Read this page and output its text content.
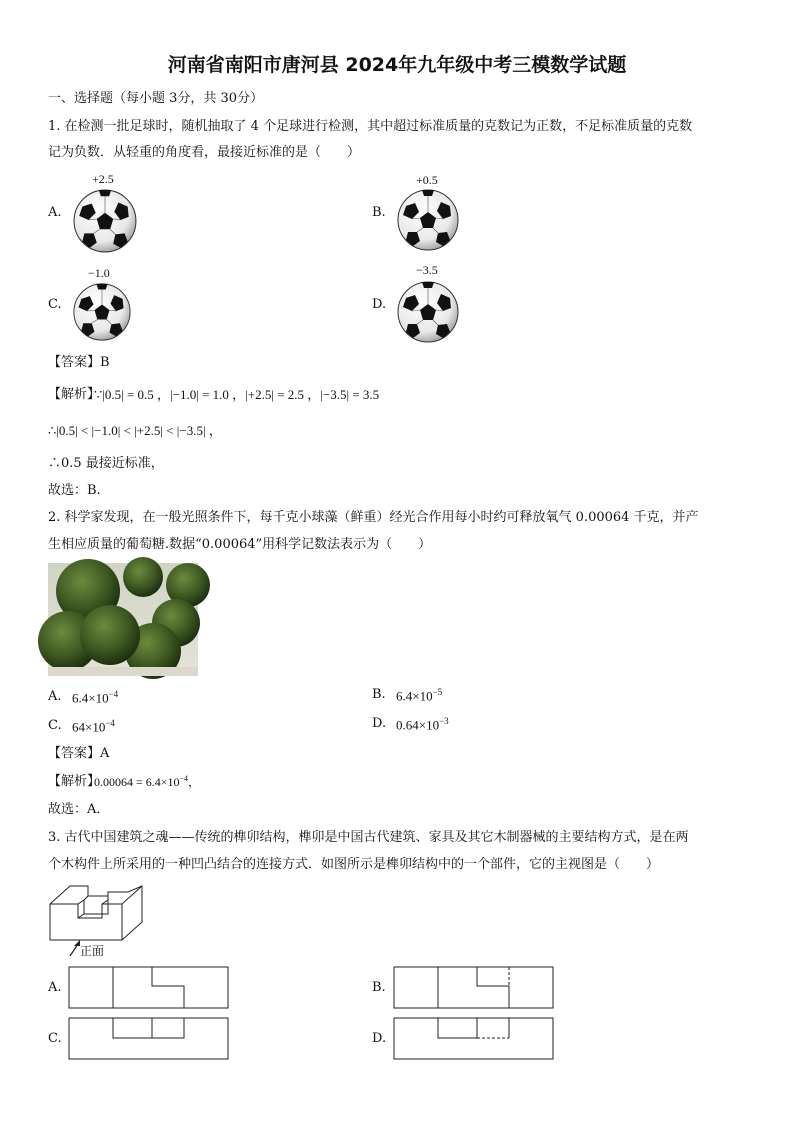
河南省南阳市唐河县 2024年九年级中考三模数学试题
一、选择题（每小题 3分，共 30分）
1. 在检测一批足球时，随机抽取了 4 个足球进行检测，其中超过标准质量的克数记为正数，不足标准质量的克数
记为负数．从轻重的角度看，最接近标准的是（　　）
A.
+2.5
B.
+0.5
C.
−1.0
D.
−3.5
【答案】B
【解析】
∵|0.5| = 0.5 ，|−1.0| = 1.0 ，|+2.5| = 2.5 ，|−3.5| = 3.5
∴|0.5| < |−1.0| < |+2.5| < |−3.5| ，
∴0.5 最接近标准，
故选：B.
2. 科学家发现，在一般光照条件下，每千克小球藻（鲜重）经光合作用每小时约可释放氧气 0.00064 千克，并产
生相应质量的葡萄糖.数据“0.00064”用科学记数法表示为（　　）
A. $6.4\times 10^{-4}$	B. $6.4\times 10^{-5}$
C. $64\times 10^{-4}$	D. $0.64\times 10^{-3}$
【答案】A
【解析】
$0.00064 = 6.4\times 10^{-4}$，
故选：A．
3. 古代中国建筑之魂——传统的榫卯结构，榫卯是中国古代建筑、家具及其它木制器械的主要结构方式，是在两
个木构件上所采用的一种凹凸结合的连接方式．如图所示是榫卯结构中的一个部件，它的主视图是（　　）
正面
A.	B.
C.	D.
